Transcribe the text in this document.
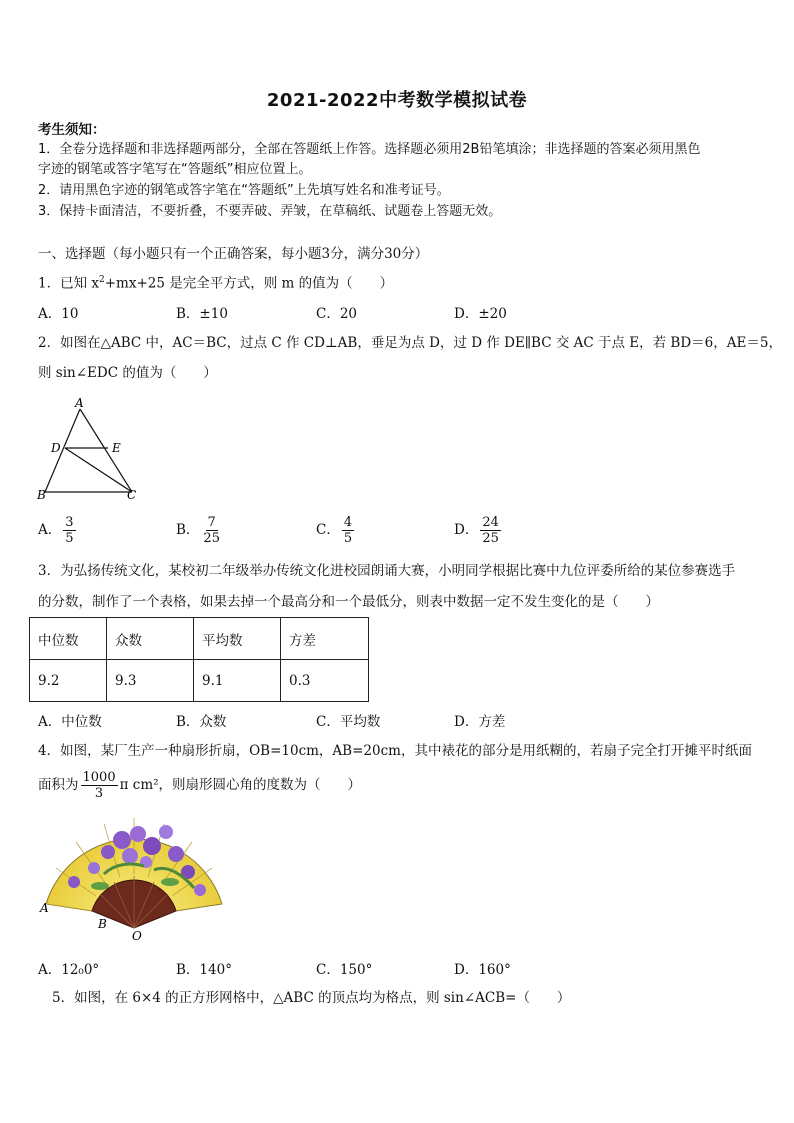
2021-2022中考数学模拟试卷
考生须知：
1．全卷分选择题和非选择题两部分，全部在答题纸上作答。选择题必须用2B铅笔填涂；非选择题的答案必须用黑色
字迹的钢笔或答字笔写在“答题纸”相应位置上。
2．请用黑色字迹的钢笔或答字笔在“答题纸”上先填写姓名和准考证号。
3．保持卡面清洁，不要折叠，不要弄破、弄皱，在草稿纸、试题卷上答题无效。
一、选择题（每小题只有一个正确答案，每小题3分，满分30分）
1．已知 $x^2+mx+25$ 是完全平方式，则 m 的值为（　　）
A．10	B．±10	C．20	D．±20
2．如图在△ABC 中，AC＝BC，过点 C 作 CD⊥AB，垂足为点 D，过 D 作 DE∥BC 交 AC 于点 E，若 BD＝6，AE＝5，
则 sin∠EDC 的值为（　　）
A
D	E
B	C
A． $\frac{3}{5}$	B． $\frac{7}{25}$	C． $\frac{4}{5}$	D． $\frac{24}{25}$
3．为弘扬传统文化，某校初二年级举办传统文化进校园朗诵大赛，小明同学根据比赛中九位评委所给的某位参赛选手
的分数，制作了一个表格，如果去掉一个最高分和一个最低分，则表中数据一定不发生变化的是（　　）
中位数	众数	平均数	方差
9.2	9.3	9.1	0.3
A．中位数	B．众数	C．平均数	D．方差
4．如图，某厂生产一种扇形折扇，OB=10cm，AB=20cm，其中裱花的部分是用纸糊的，若扇子完全打开摊平时纸面
面积为 $\frac{1000}{3}$ π cm²，则扇形圆心角的度数为（　　）
A
B
O
A．12₀0°	B．140°	C．150°	D．160°
5．如图，在 6×4 的正方形网格中，△ABC 的顶点均为格点，则 sin∠ACB=（　　）
